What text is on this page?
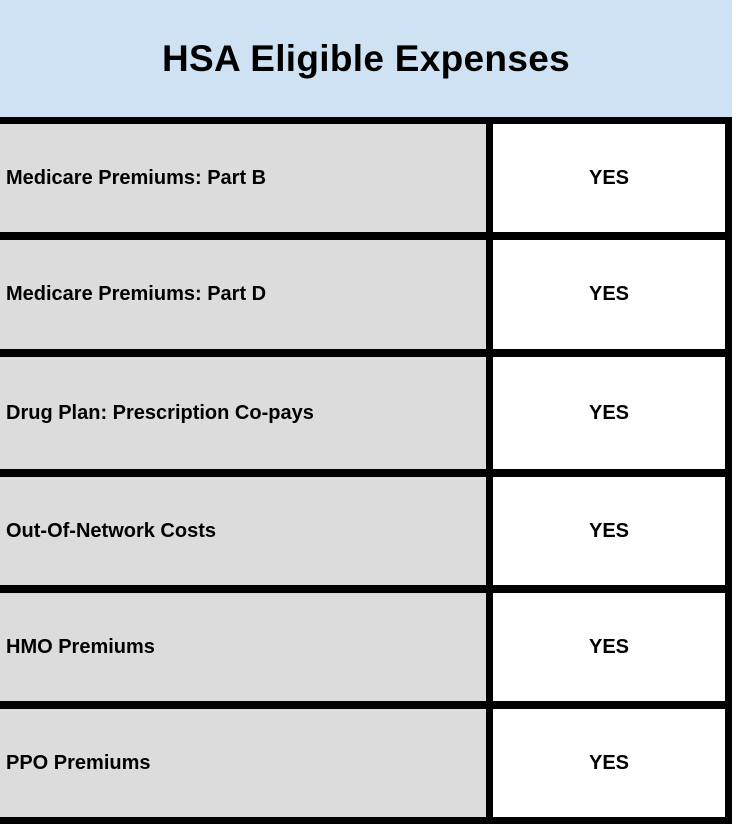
HSA Eligible Expenses
Medicare Premiums: Part B	YES
Medicare Premiums: Part D	YES
Drug Plan: Prescription Co-pays	YES
Out-Of-Network Costs	YES
HMO Premiums	YES
PPO Premiums	YES
